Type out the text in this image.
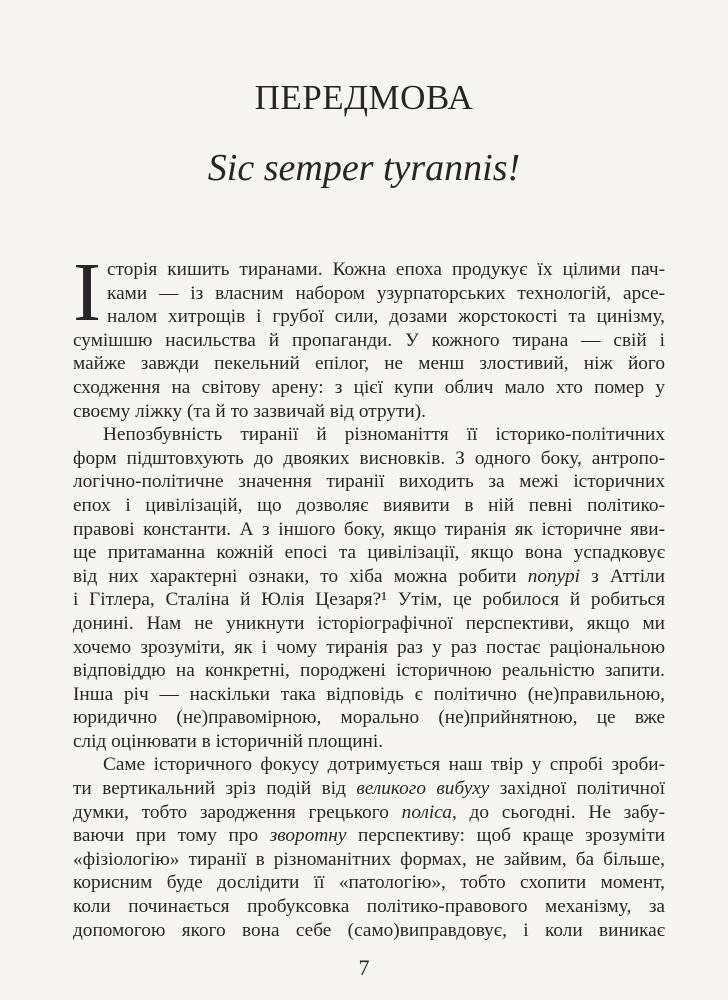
ПЕРЕДМОВА
Sic semper tyrannis!
І сторія кишить тиранами. Кожна епоха продукує їх цілими пач-
ками — із власним набором узурпаторських технологій, арсе-
налом хитрощів і грубої сили, дозами жорстокості та цинізму,
сумішшю насильства й пропаганди. У кожного тирана — свій і
майже завжди пекельний епілог, не менш злостивий, ніж його
сходження на світову арену: з цієї купи облич мало хто помер у
своєму ліжку (та й то зазвичай від отрути).
Непозбувність тиранії й різноманіття її історико-політичних
форм підштовхують до двояких висновків. З одного боку, антропо-
логічно-політичне значення тиранії виходить за межі історичних
епох і цивілізацій, що дозволяє виявити в ній певні політико-
правові константи. А з іншого боку, якщо тиранія як історичне яви-
ще притаманна кожній епосі та цивілізації, якщо вона успадковує
від них характерні ознаки, то хіба можна робити попурі з Аттіли
і Гітлера, Сталіна й Юлія Цезаря?¹ Утім, це робилося й робиться
донині. Нам не уникнути історіографічної перспективи, якщо ми
хочемо зрозуміти, як і чому тиранія раз у раз постає раціональною
відповіддю на конкретні, породжені історичною реальністю запити.
Інша річ — наскільки така відповідь є політично (не)правильною,
юридично (не)правомірною, морально (не)прийнятною, це вже
слід оцінювати в історичній площині.
Саме історичного фокусу дотримується наш твір у спробі зроби-
ти вертикальний зріз подій від великого вибуху західної політичної
думки, тобто зародження грецького поліса, до сьогодні. Не забу-
ваючи при тому про зворотну перспективу: щоб краще зрозуміти
«фізіологію» тиранії в різноманітних формах, не зайвим, ба більше,
корисним буде дослідити її «патологію», тобто схопити момент,
коли починається пробуксовка політико-правового механізму, за
допомогою якого вона себе (само)виправдовує, і коли виникає
7
